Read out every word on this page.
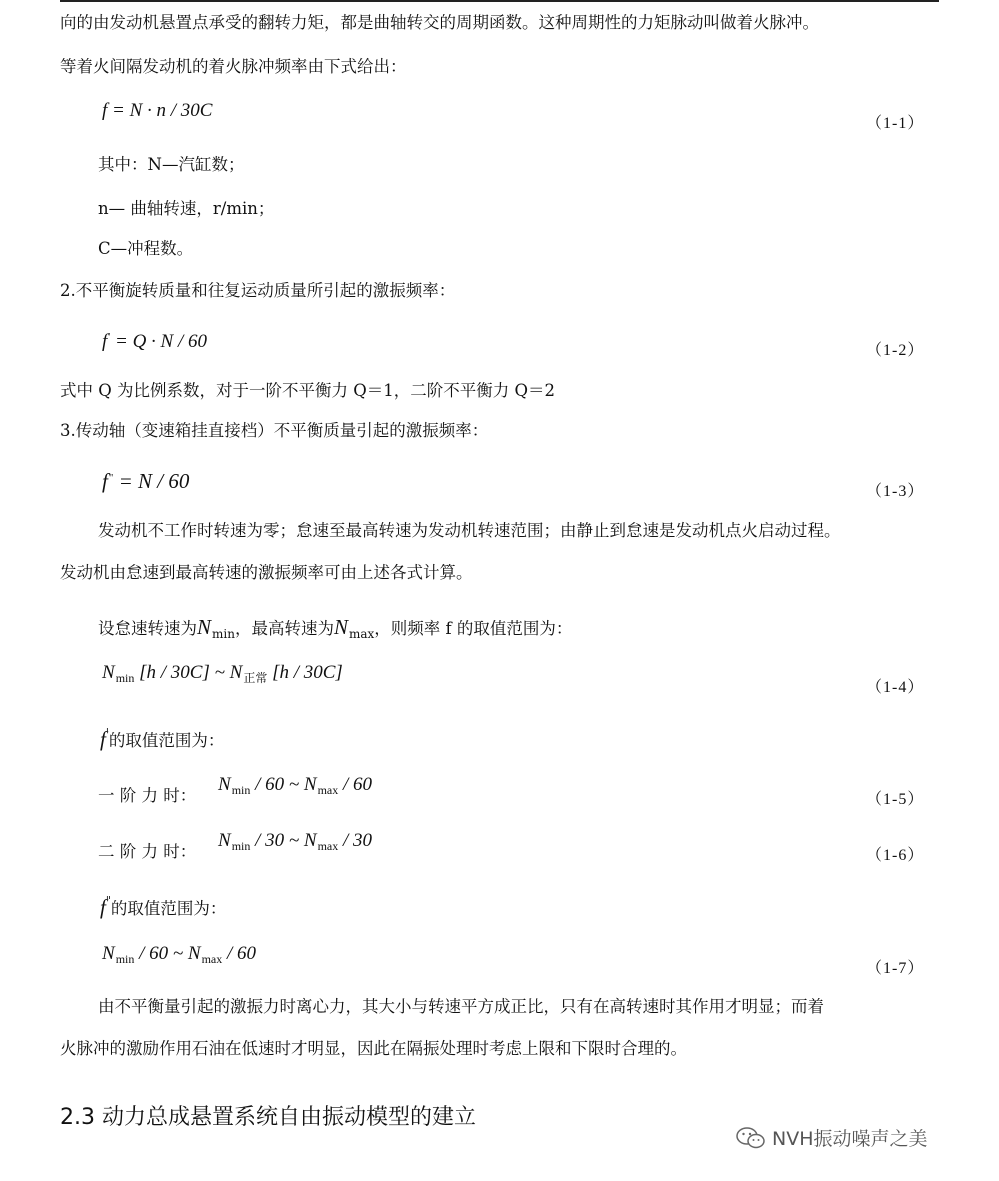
向的由发动机悬置点承受的翻转力矩，都是曲轴转交的周期函数。这种周期性的力矩脉动叫做着火脉冲。
等着火间隔发动机的着火脉冲频率由下式给出：
f = N · n / 30C
（1-1）
其中：N—汽缸数；
n— 曲轴转速，r/min；
C—冲程数。
2.不平衡旋转质量和往复运动质量所引起的激振频率：
f' = Q · N / 60	（1-2）
式中 Q 为比例系数，对于一阶不平衡力 Q＝1，二阶不平衡力 Q＝2
3.传动轴（变速箱挂直接档）不平衡质量引起的激振频率：
f" = N / 60	（1-3）
发动机不工作时转速为零；怠速至最高转速为发动机转速范围；由静止到怠速是发动机点火启动过程。
发动机由怠速到最高转速的激振频率可由上述各式计算。
设怠速转速为$N_{min}$，最高转速为$N_{max}$，则频率 f 的取值范围为：
$N_{min}$ [h / 30C] ~ $N_{正常}$ [h / 30C]
（1-4）
f'的取值范围为：
一 阶 力 时：
$N_{min} / 60$ ~ $N_{max} / 60$
（1-5）
二 阶 力 时：
$N_{min} / 30$ ~ $N_{max} / 30$
（1-6）
f"的取值范围为：
$N_{min} / 60$ ~ $N_{max} / 60$
（1-7）
由不平衡量引起的激振力时离心力，其大小与转速平方成正比，只有在高转速时其作用才明显；而着
火脉冲的激励作用石油在低速时才明显，因此在隔振处理时考虑上限和下限时合理的。
2.3 动力总成悬置系统自由振动模型的建立
NVH振动噪声之美
